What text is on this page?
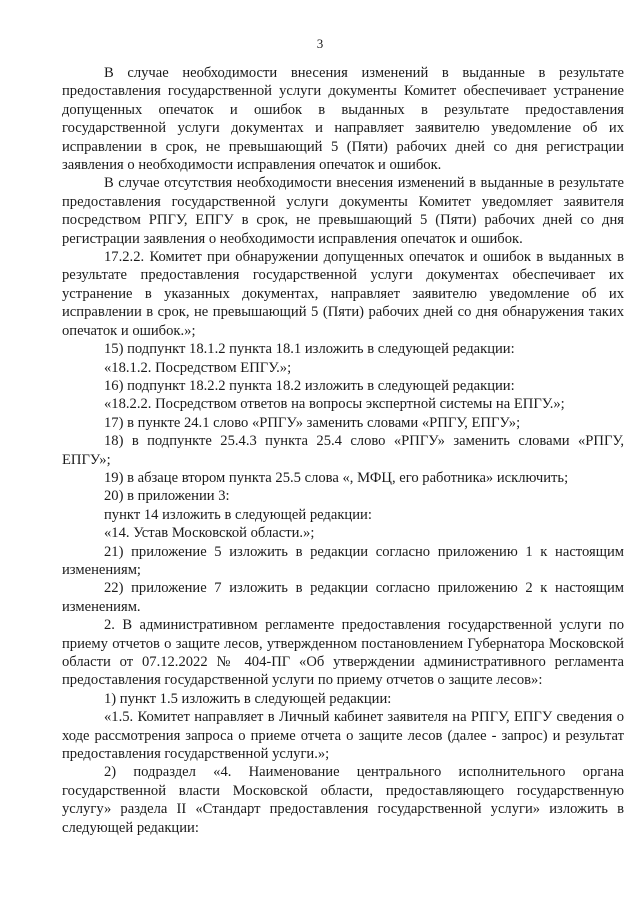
3

В случае необходимости внесения изменений в выданные в результате предоставления государственной услуги документы Комитет обеспечивает устранение допущенных опечаток и ошибок в выданных в результате предоставления государственной услуги документах и направляет заявителю уведомление об их исправлении в срок, не превышающий 5 (Пяти) рабочих дней со дня регистрации заявления о необходимости исправления опечаток и ошибок.

В случае отсутствия необходимости внесения изменений в выданные в результате предоставления государственной услуги документы Комитет уведомляет заявителя посредством РПГУ, ЕПГУ в срок, не превышающий 5 (Пяти) рабочих дней со дня регистрации заявления о необходимости исправления опечаток и ошибок.

17.2.2. Комитет при обнаружении допущенных опечаток и ошибок в выданных в результате предоставления государственной услуги документах обеспечивает их устранение в указанных документах, направляет заявителю уведомление об их исправлении в срок, не превышающий 5 (Пяти) рабочих дней со дня обнаружения таких опечаток и ошибок.»;

15) подпункт 18.1.2 пункта 18.1 изложить в следующей редакции:

«18.1.2. Посредством ЕПГУ.»;

16) подпункт 18.2.2 пункта 18.2 изложить в следующей редакции:

«18.2.2. Посредством ответов на вопросы экспертной системы на ЕПГУ.»;

17) в пункте 24.1 слово «РПГУ» заменить словами «РПГУ, ЕПГУ»;

18) в подпункте 25.4.3 пункта 25.4 слово «РПГУ» заменить словами «РПГУ, ЕПГУ»;

19) в абзаце втором пункта 25.5 слова «, МФЦ, его работника» исключить;

20) в приложении 3:

пункт 14 изложить в следующей редакции:

«14. Устав Московской области.»;

21) приложение 5 изложить в редакции согласно приложению 1 к настоящим изменениям;

22) приложение 7 изложить в редакции согласно приложению 2 к настоящим изменениям.

2. В административном регламенте предоставления государственной услуги по приему отчетов о защите лесов, утвержденном постановлением Губернатора Московской области от 07.12.2022 № 404-ПГ «Об утверждении административного регламента предоставления государственной услуги по приему отчетов о защите лесов»:

1) пункт 1.5 изложить в следующей редакции:

«1.5. Комитет направляет в Личный кабинет заявителя на РПГУ, ЕПГУ сведения о ходе рассмотрения запроса о приеме отчета о защите лесов (далее - запрос) и результат предоставления государственной услуги.»;

2) подраздел «4. Наименование центрального исполнительного органа государственной власти Московской области, предоставляющего государственную услугу» раздела II «Стандарт предоставления государственной услуги» изложить в следующей редакции:
